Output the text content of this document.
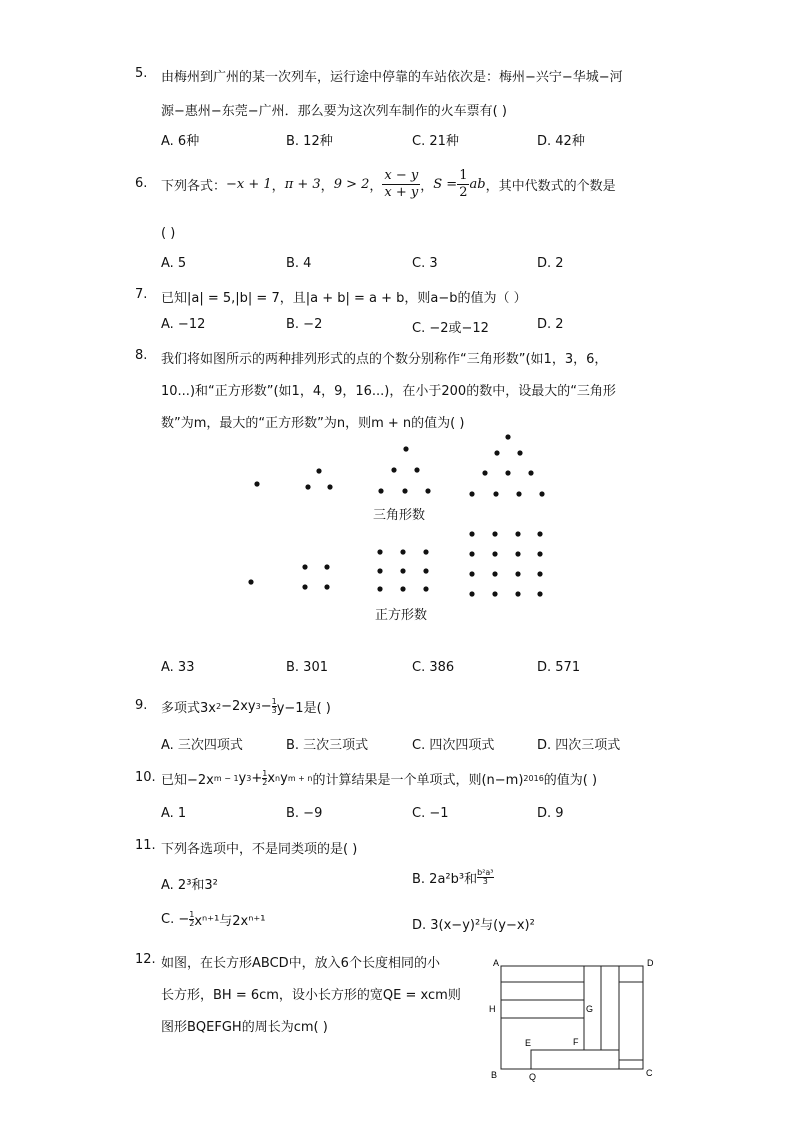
5.	由梅州到广州的某一次列车，运行途中停靠的车站依次是：梅州−兴宁−华城−河
源−惠州−东莞−广州．那么要为这次列车制作的火车票有( )
A. 6种	B. 12种	C. 21种	D. 42种
6.	下列各式： −x + 1 ， π + 3 ， 9 > 2 ， $\frac{x - y}{x + y}$ ， $S = \frac{1}{2}$ ab ，其中代数式的个数是
( )
A. 5	B. 4	C. 3	D. 2
7.	已知|a| = 5,|b| = 7，且|a + b| = a + b，则a−b的值为（ ）
A. −12	B. −2	C. −2或−12	D. 2
8.	我们将如图所示的两种排列形式的点的个数分别称作“三角形数”(如1，3，6，
10...)和“正方形数”(如1，4，9，16...)，在小于200的数中，设最大的“三角形
数”为m，最大的“正方形数”为n，则m + n的值为( )
三角形数
正方形数
A. 33	B. 301	C. 386	D. 571
9.	多项式3x 2 −2xy $3 - \frac{1}{3} y-1$是( )
A. 三次四项式	B. 三次三项式	C. 四次四项式	D. 四次三项式
10. 已知−2x m − 1 y $3 + \frac{1}{2}$ x n y m + n 的计算结果是一个单项式，则(n−m) 2016 的值为( )
A. 1	B. −9	C. −1	D. 9
11. 下列各选项中，不是同类项的是( )
A. 2³和3²	B. 2a²b³和 $\frac{\text{b²a³}}{3}$
C. − $\frac{1}{2} x^{n+1}$与2xⁿ⁺¹	D. 3(x−y)²与(y−x)²
12. 如图，在长方形ABCD中，放入6个长度相同的小
长方形，BH = 6cm，设小长方形的宽QE = xcm则
图形BQEFGH的周长为cm( )
A	D
H	G
E	F
B	Q	C
